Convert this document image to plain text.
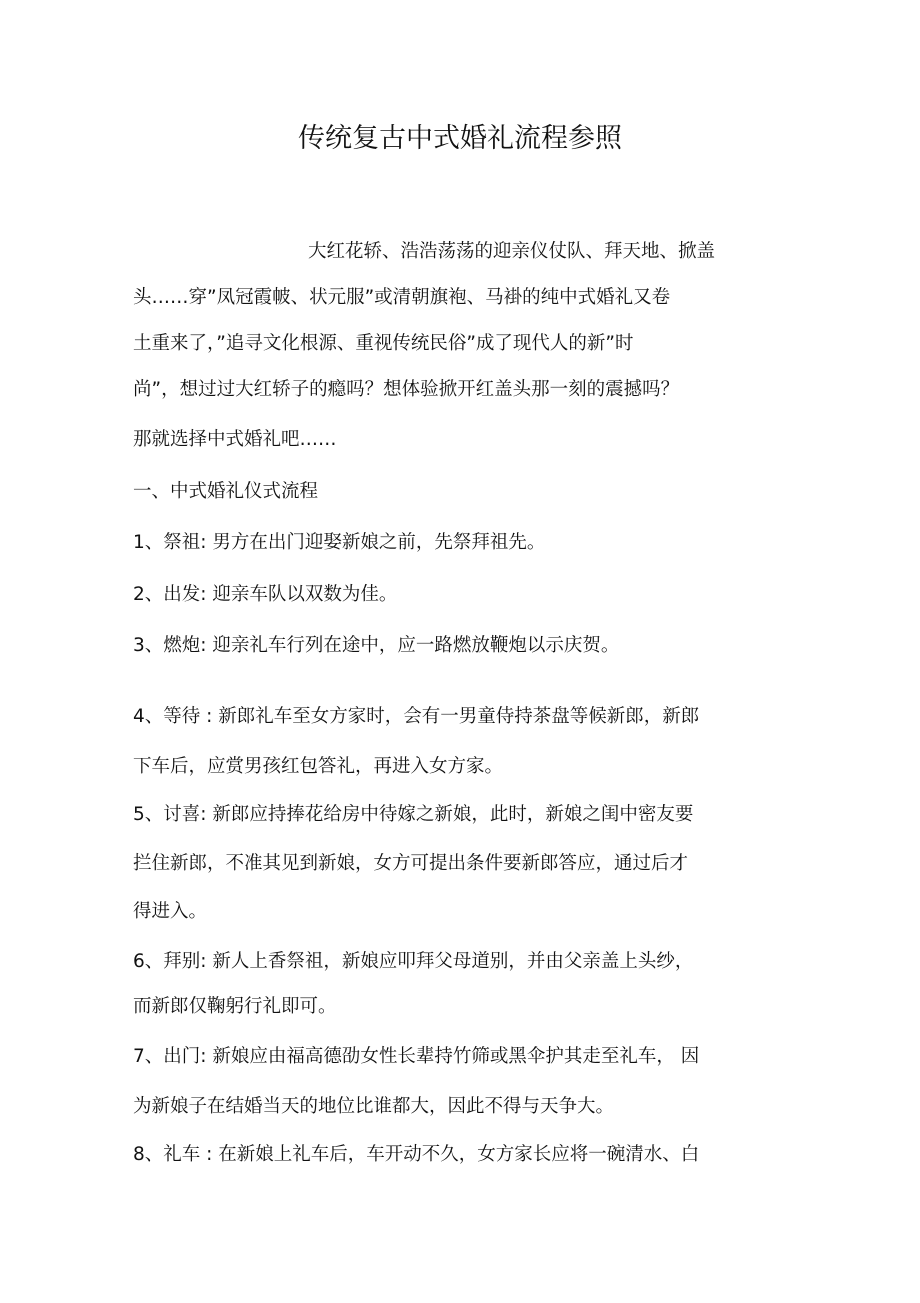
传统复古中式婚礼流程参照
大红花轿、浩浩荡荡的迎亲仪仗队、拜天地、掀盖
头……穿”凤冠霞帔、状元服”或清朝旗袍、马褂的纯中式婚礼又卷
土重来了，”追寻文化根源、重视传统民俗”成了现代人的新”时
尚”，想过过大红轿子的瘾吗？想体验掀开红盖头那一刻的震撼吗？
那就选择中式婚礼吧……
一、中式婚礼仪式流程
1、祭祖: 男方在出门迎娶新娘之前，先祭拜祖先。
2、出发: 迎亲车队以双数为佳。
3、燃炮: 迎亲礼车行列在途中，应一路燃放鞭炮以示庆贺。
4、等待 : 新郎礼车至女方家时，会有一男童侍持茶盘等候新郎，新郎
下车后，应赏男孩红包答礼，再进入女方家。
5、讨喜: 新郎应持捧花给房中待嫁之新娘，此时，新娘之闺中密友要
拦住新郎，不准其见到新娘，女方可提出条件要新郎答应，通过后才
得进入。
6、拜别: 新人上香祭祖，新娘应叩拜父母道别，并由父亲盖上头纱，
而新郎仅鞠躬行礼即可。
7、出门: 新娘应由福高德劭女性长辈持竹筛或黑伞护其走至礼车， 因
为新娘子在结婚当天的地位比谁都大，因此不得与天争大。
8、礼车 : 在新娘上礼车后，车开动不久，女方家长应将一碗清水、白
